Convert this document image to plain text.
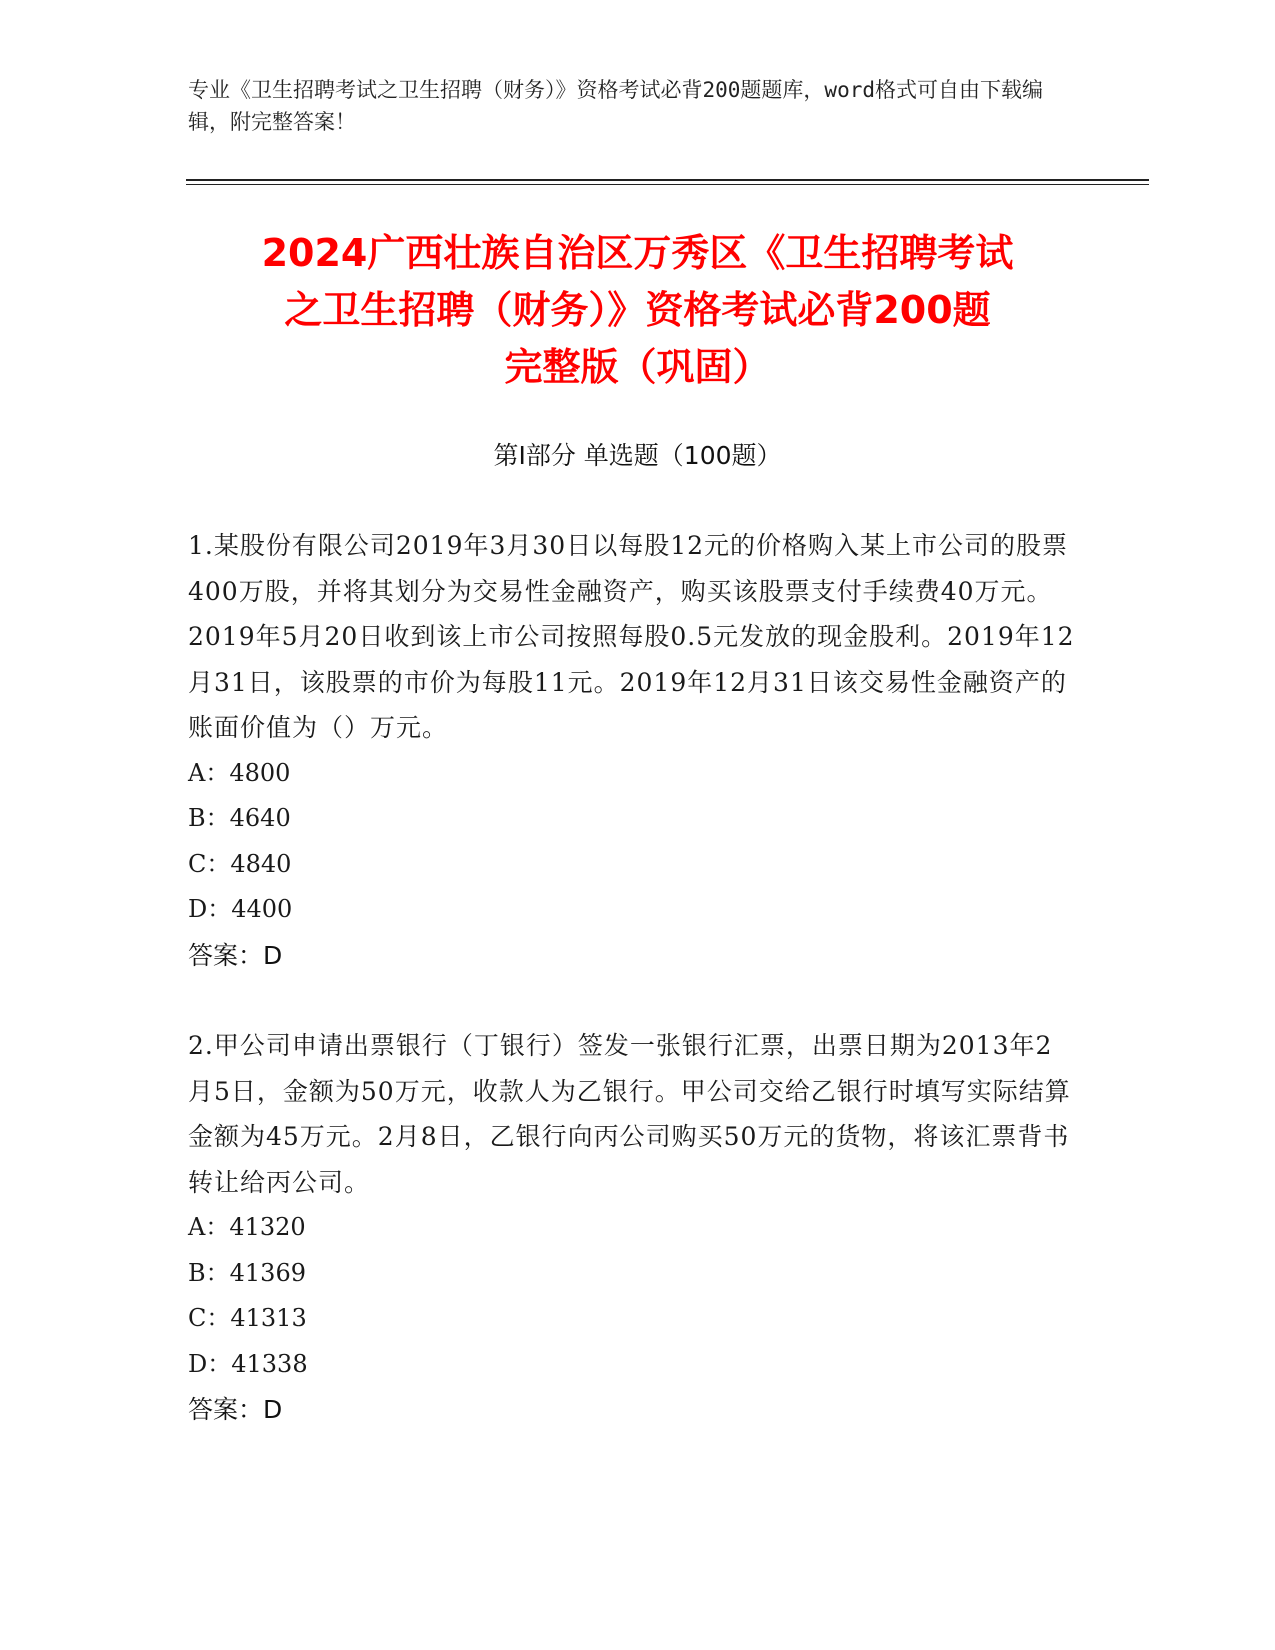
专业《卫生招聘考试之卫生招聘（财务）》资格考试必背200题题库，word格式可自由下载编辑，附完整答案！
2024广西壮族自治区万秀区《卫生招聘考试
之卫生招聘（财务）》资格考试必背200题
完整版（巩固）
第Ⅰ部分 单选题（100题）

1.某股份有限公司2019年3月30日以每股12元的价格购入某上市公司的股票400万股，并将其划分为交易性金融资产，购买该股票支付手续费40万元。2019年5月20日收到该上市公司按照每股0.5元发放的现金股利。2019年12月31日，该股票的市价为每股11元。2019年12月31日该交易性金融资产的账面价值为（）万元。

A：4800

B：4640

C：4840

D：4400

答案：D

2.甲公司申请出票银行（丁银行）签发一张银行汇票，出票日期为2013年2月5日，金额为50万元，收款人为乙银行。甲公司交给乙银行时填写实际结算金额为45万元。2月8日，乙银行向丙公司购买50万元的货物，将该汇票背书转让给丙公司。

A：41320

B：41369

C：41313

D：41338

答案：D
